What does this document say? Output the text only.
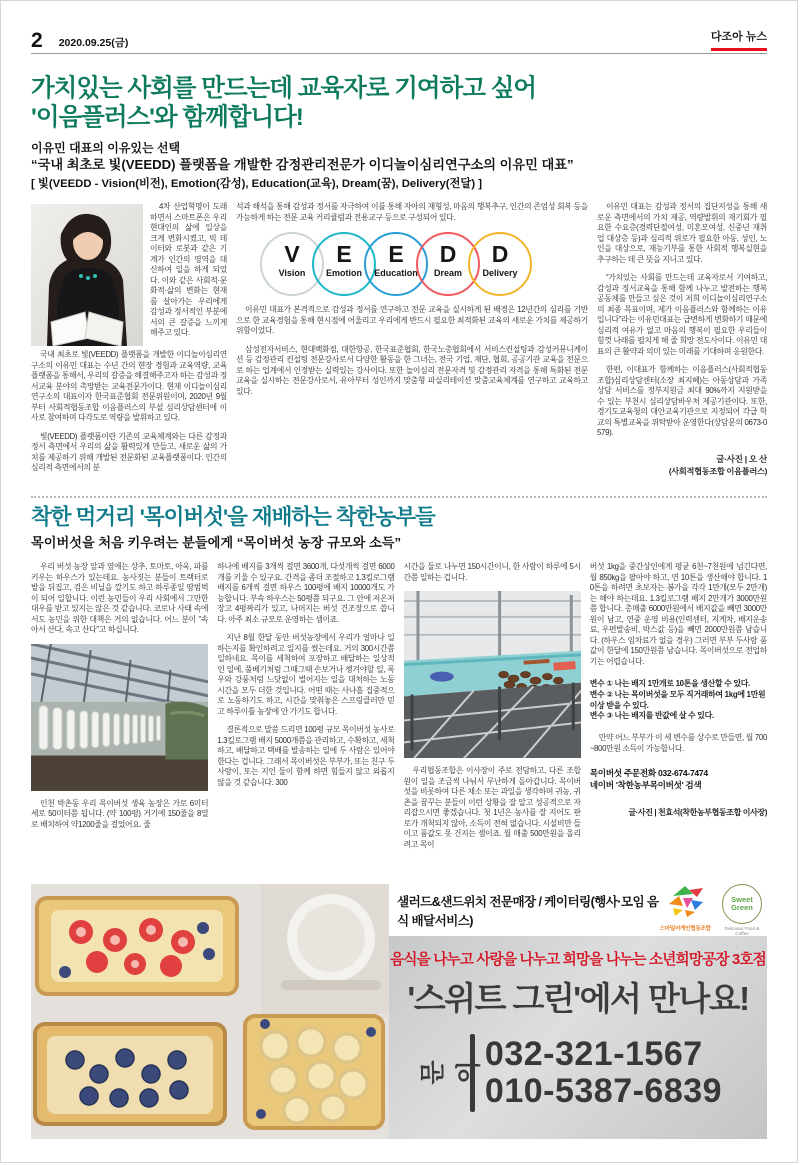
2 2020.09.25(금)	다조아 뉴스
가치있는 사회를 만드는데 교육자로 기여하고 싶어
'이음플러스'와 함께합니다!
이유민 대표의 이유있는 선택
“국내 최초로 빛(VEEDD) 플랫폼을 개발한 감정관리전문가 이디놀이심리연구소의 이유민 대표”
[ 빛(VEEDD - Vision(비전), Emotion(감성), Education(교육), Dream(꿈), Delivery(전달) ]

4차 산업혁명이 도래하면서 스마트폰은 우리 현대인의 삶에 일상을 크게 변화시켰고, 빅 데이터와 로봇과 같은 기계가 인간의 영역을 대신하여 일을 하게 되었다. 이와 같은 사회적·문화적·삶의 변화는 현재를 살아가는 우리에게 감성과 정서적인 부분에서의 큰 갈증을 느끼게 해주고 있다.

국내 최초로 빛(VEEDD) 플랫폼을 개발한 이디놀이심리연구소의 이유민 대표는 수년 간의 현장 경험과 교육역량, 교육플랫폼을 통해서, 우리의 갈증을 해결해주고자 하는 감성과 정서교육 분야의 촉망받는 교육전문가이다. 현재 이디놀이심리연구소의 대표이자 한국표준협회 전문위원이며, 2020년 9월부터 사회적협동조합 이음플러스의 부설 심리상담센터에 이사로 참여하며 다각도로 역량을 발휘하고 있다.

빛(VEEDD) 플랫폼이란 기존의 교육체계와는 다른 감정과 정서 측면에서 우리의 삶을 활력있게 만들고, 새로운 삶의 가치를 제공하기 위해 개발된 전문화된 교육플랫폼이다. 인간의 심리적 측면에서의 분

석과 해석을 통해 감성과 정서를 자극하여 이를 통해 자아의 재형성, 마음의 행복추구, 인간의 존엄성 회복 등을 가능하게 하는 전문 교육 커리큘럼과 전용교구 등으로 구성되어 있다.

V
Vision
E
Emotion
E
Education
D
Dream
D
Delivery

이유민 대표가 본격적으로 감성과 정서를 연구하고 전문 교육을 실시하게 된 배경은 12년간의 심리를 기반으로 한 교육경험을 통해 현시점에 어울리고 우리에게 반드시 필요한 최적화된 교육의 새로운 가치를 제공하기 위함이었다.

삼성전자서비스, 현대백화점, 대한항공, 한국표준협회, 한국노총협회에서 서비스컨설팅과 감성커뮤니케이션 등 감정관리 컨설팅 전문강사로서 다양한 활동을 한 그녀는, 전국 기업, 재단, 협회, 공공기관 교육을 전문으로 하는 업계에서 인정받는 실력있는 강사이다. 또한 놀이심리 전문자격 및 감정관리 자격을 통해 특화된 전문교육을 실시하는 전문강사로서, 유아부터 성인까지 맞춤형 파실리테이션 맞춤교육체계를 연구하고 교육하고 있다.

이유민 대표는 감성과 정서의 집단지성을 통해 새로운 측면에서의 가치 제공, 역량발휘의 재기회가 필요한 수요층(경력단절여성, 미혼모여성, 신중년 재취업 대상층 등)과 심리적 위로가 필요한 아동, 성인, 노인을 대상으로, 재능기부를 통한 사회적 행복실현을 추구하는 데 큰 뜻을 지니고 있다.

“가치있는 사회를 만드는데 교육자로서 기여하고, 감성과 정서교육을 통해 함께 나누고 발전하는 행복 공동체를 만들고 싶은 것이 저희 이디놀이심리연구소의 최종 목표이며, 제가 이음플러스와 함께하는 이유입니다”라는 이유민대표는 급변하게 변화하기 때문에 심리적 여유가 없고 마음의 행복이 필요한 우리들이 힘껏 나래를 펼치게 해 줄 희망 전도사이다. 이유민 대표의 큰 활약과 의미 있는 미래를 기대하며 응원한다.

한편, 이대표가 함께하는 이음플러스(사회적협동조합)심리상담센터(소장 최지혜)는 아동상담과 가족상담 서비스를 정부지원금 최대 90%까지 지원받을 수 있는 부천시 심리상담바우처 제공기관이다. 또한, 경기도교육청의 대안교육기관으로 지정되어 각급 학교의 특별교육을 위탁받아 운영한다(상담문의 0673-0579).

글·사진 | 오 산
(사회적협동조합 이음플러스)
착한 먹거리 '목이버섯'을 재배하는 착한농부들
목이버섯을 처음 키우려는 분들에게 “목이버섯 농장 규모와 소득”

우리 버섯 농장 앞과 옆에는 상추, 토마토, 아욱, 파를 키우는 하우스가 있는데요. 농사짓는 분들이 트랙터로 밭을 뒤집고, 검은 비닐을 깔기도 하고 하루종일 땀범벅이 되어 일합니다. 이런 농민들이 우리 사회에서 그만한 대우를 받고 있지는 않은 것 같습니다. 코로나 사태 속에서도 농민을 위한 대책은 거의 없습니다. 어느 분이 "속아서 산다, 속고 산다"고 하십니다.

인천 박촌동 우리 목이버섯 생육 농장은 가로 6미터 세로 50미터쯤 됩니다. (약 100평) 거기에 150줄을 8열로 배치하여 약1200줄을 걸었어요. 줄

하나에 배지를 3개씩 걸면 3600개, 다섯개씩 걸면 6000개를 키울 수 있구요. 간격을 좀더 조절하고 1.3킬로그램 배지를 6개씩 걸면 하우스 100평에 배지 10000개도 가능합니다. 부속 하우스는 50평쯤 되구요. 그 안에 저온저장고 4평짜리가 있고, 나머지는 버섯 건조장으로 씁니다. 아주 최소 규모로 운영하는 셈이죠.

지난 8월 한달 동안 버섯농장에서 우리가 얼마나 일하는지를 확인하려고 일지를 썼는데요. 거의 300시간쯤 일하네요. 목이를 세척하여 포장하고 배달하는 일상적인 일에, 풀베기처럼 그때그때 손보거나 챙겨야할 일, 폭우와 강풍처럼 느닷없이 벌어지는 일을 대처하는 노동 시간을 모두 더한 것입니다. 어떤 때는 사나흘 집중적으로 노동하기도 하고, 시간을 맞춰놓은 스프링클러만 믿고 하루이틀 농장에 안 가기도 합니다.

결론적으로 말씀 드리면 100평 규모 목이버섯 농사로 1.3킬로그램 배지 5000개쯤을 관리하고, 수확하고, 세척하고, 배달하고 택배를 발송하는 일에 두 사람은 있어야 한다는 겁니다. 그래서 목이버섯은 부부가, 또는 친구 두 사람이, 또는 지인 둘이 함께 하면 힘들지 않고 외롭지 않을 것 같습니다. 300

시간을 둘로 나누면 150시간이니, 한 사람이 하루에 5시간쯤 일하는 겁니다.

우리협동조합은 이사장이 주로 전담하고, 다른 조합원이 일을 조금씩 나눠서 무난하게 돌아갑니다. 목이버섯을 비롯하여 다른 채소 또는 과일을 생각하며 귀농, 귀촌을 꿈꾸는 분들이 이런 상황을 잘 알고 성공적으로 자리잡으시면 좋겠습니다. 첫 1년은 농사를 잘 지어도 판로가 개척되지 않아, 소득이 전혀 없습니다. 시설비만 들이고 품값도 못 건지는 셈이죠. 월 매출 500만원을 올리려고 목이

버섯 1kg을 중간상인에게 평균 6천~7천원에 넘긴다면, 월 850kg을 팔아야 하고, 연 10톤을 생산해야 합니다. 10톤을 하려면 초보자는 봄가을 각각 1만개(모두 2만개)는 해야 하는데요. 1.3킬로그램 배지 2만개가 3000만원쯤 합니다. 총매출 6000만원에서 배지값을 빼면 3000만원이 남고, 연중 운영 비용(인력센터, 지게차, 배지운송료, 우편발송비, 박스값 등)을 빼면 2000만원쯤 남습니다. (하우스 임차료가 없을 경우) 그러면 부부 두사람 품값이 한달에 150만원쯤 남습니다. 목이버섯으로 전업하기는 어렵습니다.

변수 ① 나는 배지 1만개로 10톤을 생산할 수 있다.

변수 ② 나는 목이버섯을 모두 직거래하여 1kg에 1만원 이상 받을 수 있다.

변수 ③ 나는 배지를 반값에 살 수 있다.

만약 어느 부부가 이 세 변수를 상수로 만들면, 월 700~800만원 소득이 가능합니다.

목이버섯 주문전화 032-674-7474

네이버 '착한농부목이버섯' 검색

글·사진 | 천효석(착한농부협동조합 이사장)
샐러드&샌드위치 전문매장 / 케이터링(행사·모임 음식 배달서비스)
스마일어게인협동조합
Sweet
Green
Delicious Food & Coffee
음식을 나누고 사랑을 나누고 희망을 나누는 소년희망공장 3호점
'스위트 그린'에서 만나요!
문의 032-321-1567
010-5387-6839
